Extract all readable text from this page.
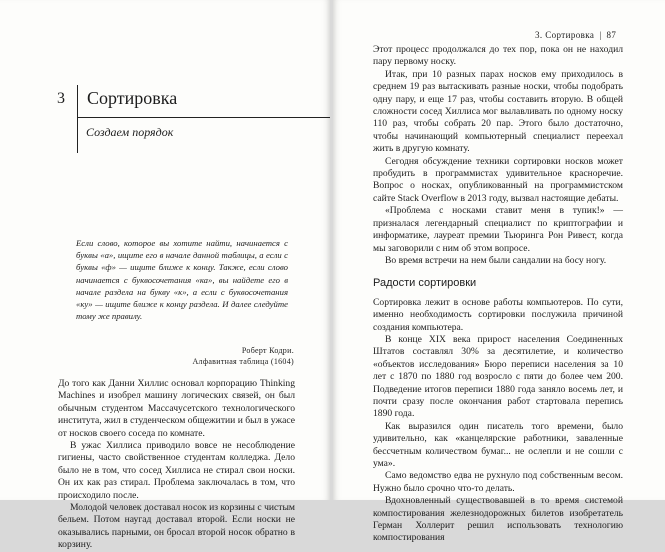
3 Сортировка
Создаем порядок
Если слово, которое вы хотите найти, начинается с буквы «а», ищите его в начале данной таблицы, а если с буквы «ф» — ищите ближе к концу. Также, если слово начинается с буквосочетания «ка», вы найдете его в начале раздела на букву «к», а если с буквосочетания «ку» — ищите ближе к концу раздела. И далее следуйте тому же правилу.
Роберт Кодри.
Алфавитная таблица (1604)

До того как Данни Хиллис основал корпорацию Thinking Machines и изобрел машину логических связей, он был обычным студентом Массачусетского технологического института, жил в студенческом общежитии и был в ужасе от носков своего соседа по комнате.

В ужас Хиллиса приводило вовсе не несоблюдение гигиены, часто свойственное студентам колледжа. Дело было не в том, что сосед Хиллиса не стирал свои носки. Он их как раз стирал. Проблема заключалась в том, что происходило после.

Молодой человек доставал носок из корзины с чистым бельем. Потом наугад доставал второй. Если носки не оказывались парными, он бросал второй носок обратно в корзину.

3. Сортировка | 87

Этот процесс продолжался до тех пор, пока он не находил пару первому носку.

Итак, при 10 разных парах носков ему приходилось в среднем 19 раз вытаскивать разные носки, чтобы подобрать одну пару, и еще 17 раз, чтобы составить вторую. В общей сложности сосед Хиллиса мог вылавливать по одному носку 110 раз, чтобы собрать 20 пар. Этого было достаточно, чтобы начинающий компьютерный специалист переехал жить в другую комнату.

Сегодня обсуждение техники сортировки носков может пробудить в программистах удивительное красноречие. Вопрос о носках, опубликованный на программистском сайте Stack Overflow в 2013 году, вызвал настоящие дебаты.

«Проблема с носками ставит меня в тупик!» — призналася легендарный специалист по криптографии и информатике, лауреат премии Тьюринга Рон Ривест, когда мы заговорили с ним об этом вопросе.

Во время встречи на нем были сандалии на босу ногу.

Радости сортировки

Сортировка лежит в основе работы компьютеров. По сути, именно необходимость сортировки послужила причиной создания компьютера.

В конце XIX века прирост населения Соединенных Штатов составлял 30% за десятилетие, и количество «объектов исследования» Бюро переписи населения за 10 лет с 1870 по 1880 год возросло с пяти до более чем 200. Подведение итогов переписи 1880 года заняло восемь лет, и почти сразу после окончания работ стартовала перепись 1890 года.

Как выразился один писатель того времени, было удивительно, как «канцелярские работники, заваленные бессчетным количеством бумаг... не ослепли и не сошли с ума».

Само ведомство едва не рухнуло под собственным весом. Нужно было срочно что-то делать.

Вдохновленный существовавшей в то время системой компостирования железнодорожных билетов изобретатель Герман Холлерит решил использовать технологию компостирования
